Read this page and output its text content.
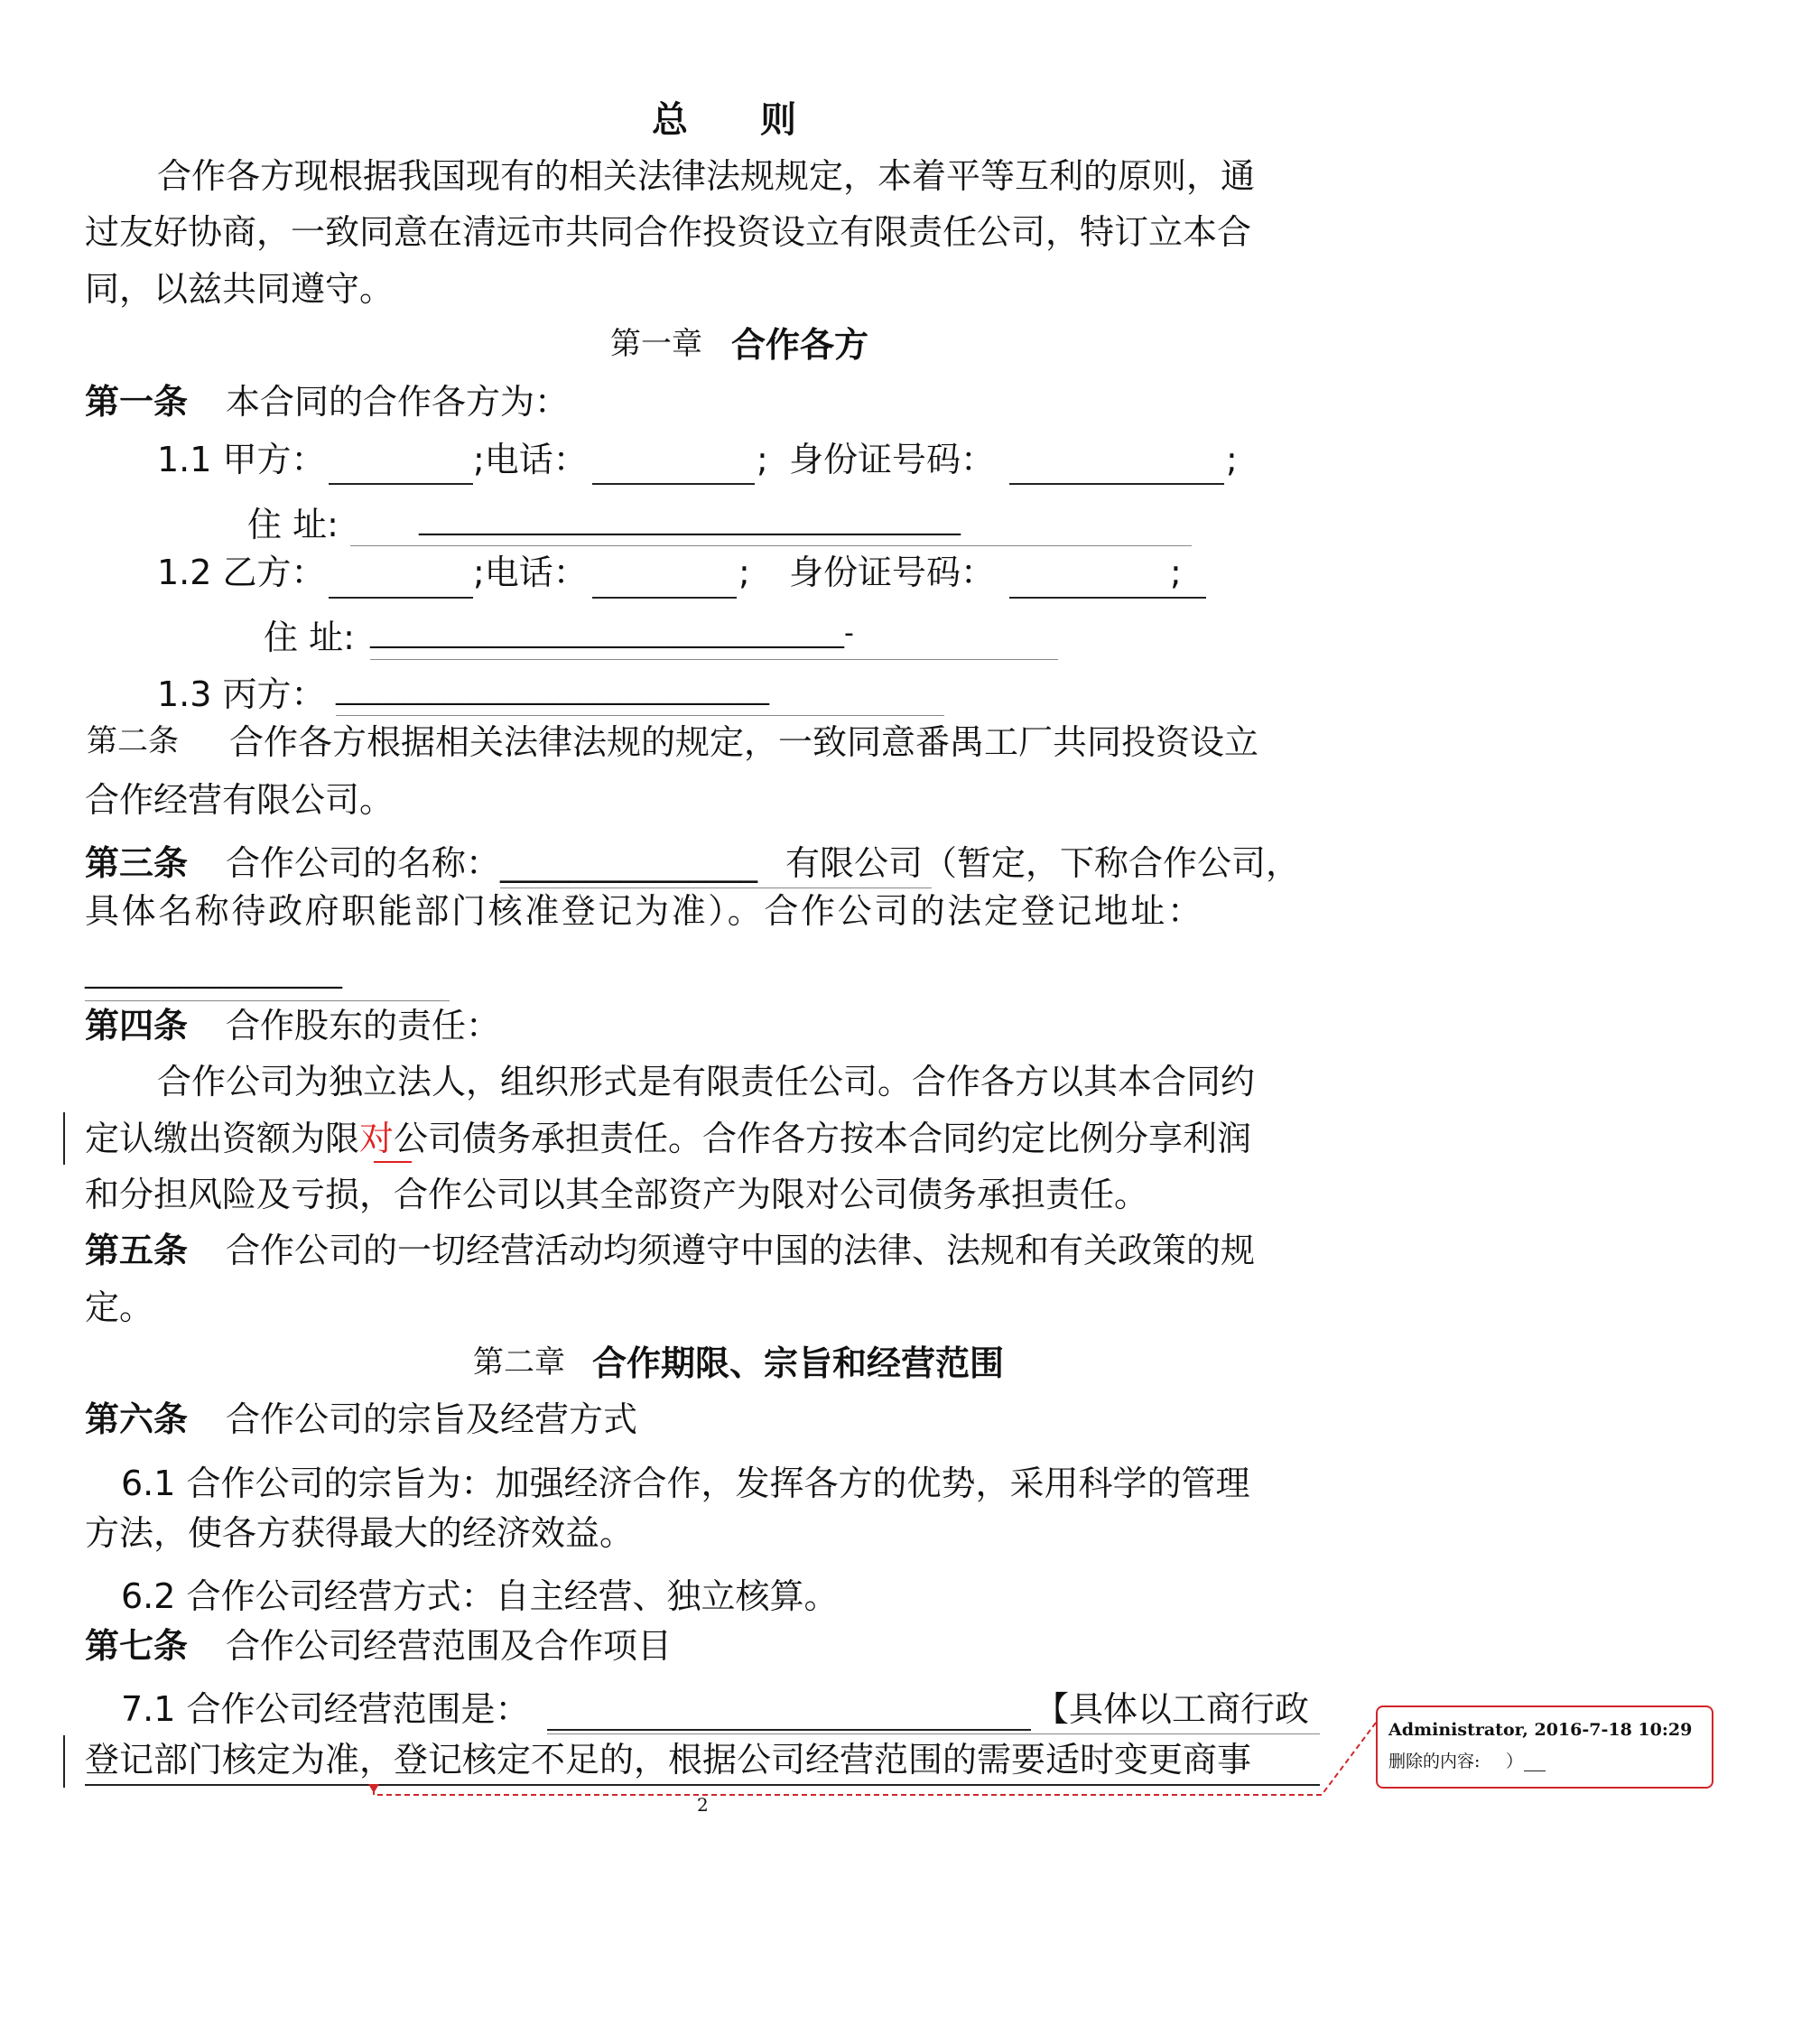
总　　则
合作各方现根据我国现有的相关法律法规规定，本着平等互利的原则，通
过友好协商，一致同意在清远市共同合作投资设立有限责任公司，特订立本合
同，以兹共同遵守。
第一章 合作各方
第一条 本合同的合作各方为：
1.1 甲方：	;电话：	; 身份证号码：	;
住 址:	________________________________________
1.2 乙方：	;电话：	; 身份证号码：	;
住 址: ___________________________________-
1.3 丙方： ________________________________
第二条 合作各方根据相关法律法规的规定，一致同意番禺工厂共同投资设立
合作经营有限公司。
第三条 合作公司的名称： _______________ 有限公司（暂定，下称合作公司，
具体名称待政府职能部门核准登记为准）。合作公司的法定登记地址：
___________________
第四条 合作股东的责任：
合作公司为独立法人，组织形式是有限责任公司。合作各方以其本合同约
定认缴出资额为限对公司债务承担责任。合作各方按本合同约定比例分享利润
和分担风险及亏损，合作公司以其全部资产为限对公司债务承担责任。
第五条 合作公司的一切经营活动均须遵守中国的法律、法规和有关政策的规
定。
第二章 合作期限、宗旨和经营范围
第六条 合作公司的宗旨及经营方式
6.1 合作公司的宗旨为：加强经济合作，发挥各方的优势，采用科学的管理
方法，使各方获得最大的经济效益。
6.2 合作公司经营方式：自主经营、独立核算。
第七条 合作公司经营范围及合作项目
7.1 合作公司经营范围是：	【具体以工商行政
登记部门核定为准，登记核定不足的，根据公司经营范围的需要适时变更商事
Administrator, 2016-7-18 10:29
删除的内容: ）
2
